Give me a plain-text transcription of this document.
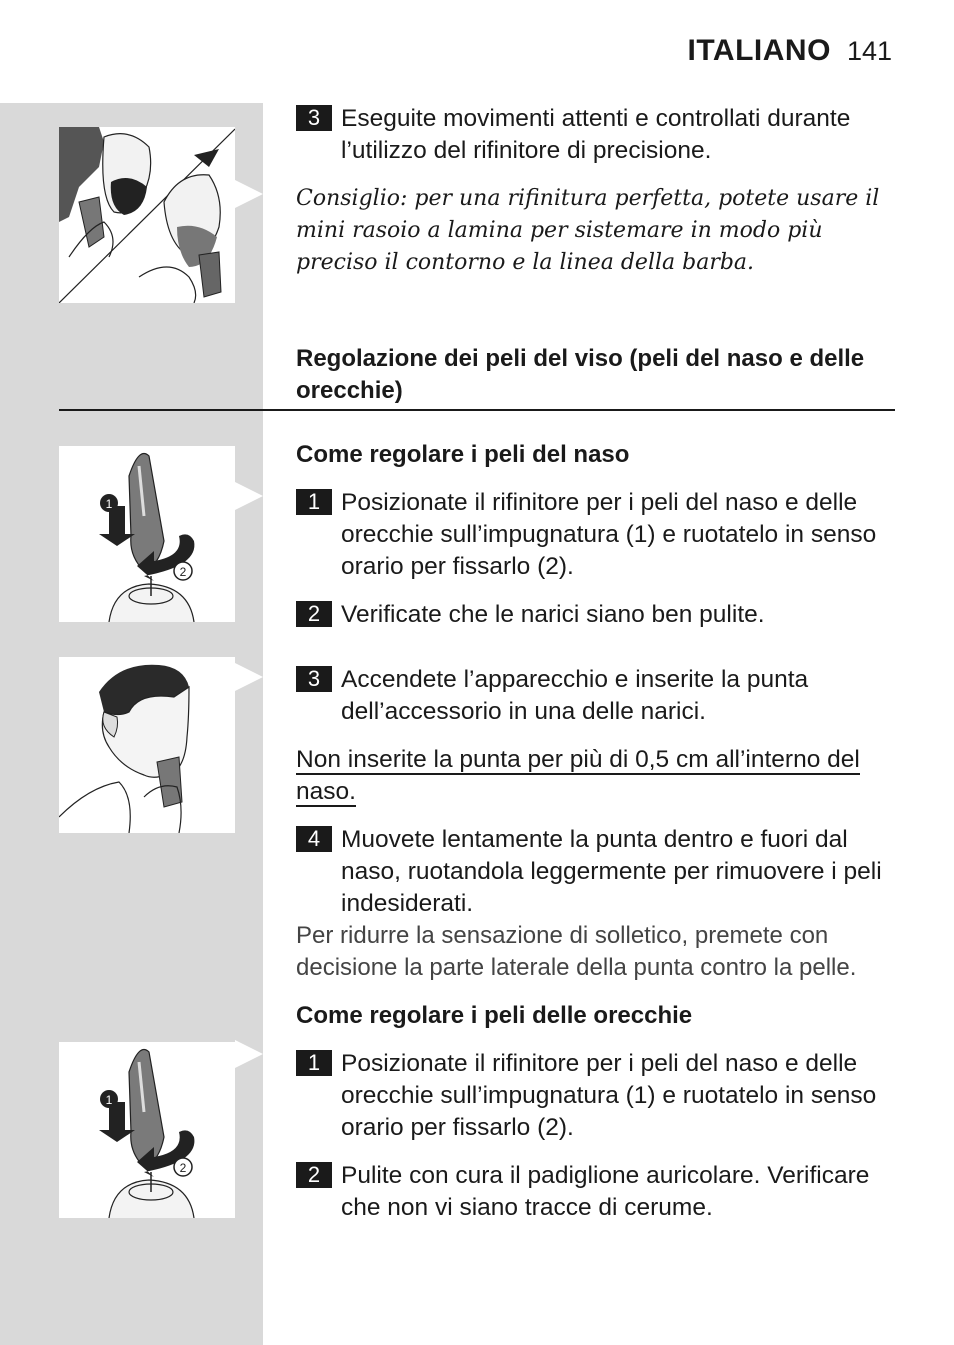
ITALIANO 141
3 Eseguite movimenti attenti e controllati durante l’utilizzo del rifinitore di precisione.
Consiglio: per una rifinitura perfetta, potete usare il mini rasoio a lamina per sistemare in modo più preciso il contorno e la linea della barba.
Regolazione dei peli del viso (peli del naso e delle orecchie)
1
2
Come regolare i peli del naso
1 Posizionate il rifinitore per i peli del naso e delle orecchie sull’impugnatura (1) e ruotatelo in senso orario per fissarlo (2).
2 Verificate che le narici siano ben pulite.
3 Accendete l’apparecchio e inserite la punta dell’accessorio in una delle narici.
Non inserite la punta per più di 0,5 cm all’interno del naso.
4 Muovete lentamente la punta dentro e fuori dal naso, ruotandola leggermente per rimuovere i peli indesiderati.
Per ridurre la sensazione di solletico, premete con decisione la parte laterale della punta contro la pelle.
1
2
Come regolare i peli delle orecchie
1 Posizionate il rifinitore per i peli del naso e delle orecchie sull’impugnatura (1) e ruotatelo in senso orario per fissarlo (2).
2 Pulite con cura il padiglione auricolare. Verificare che non vi siano tracce di cerume.
